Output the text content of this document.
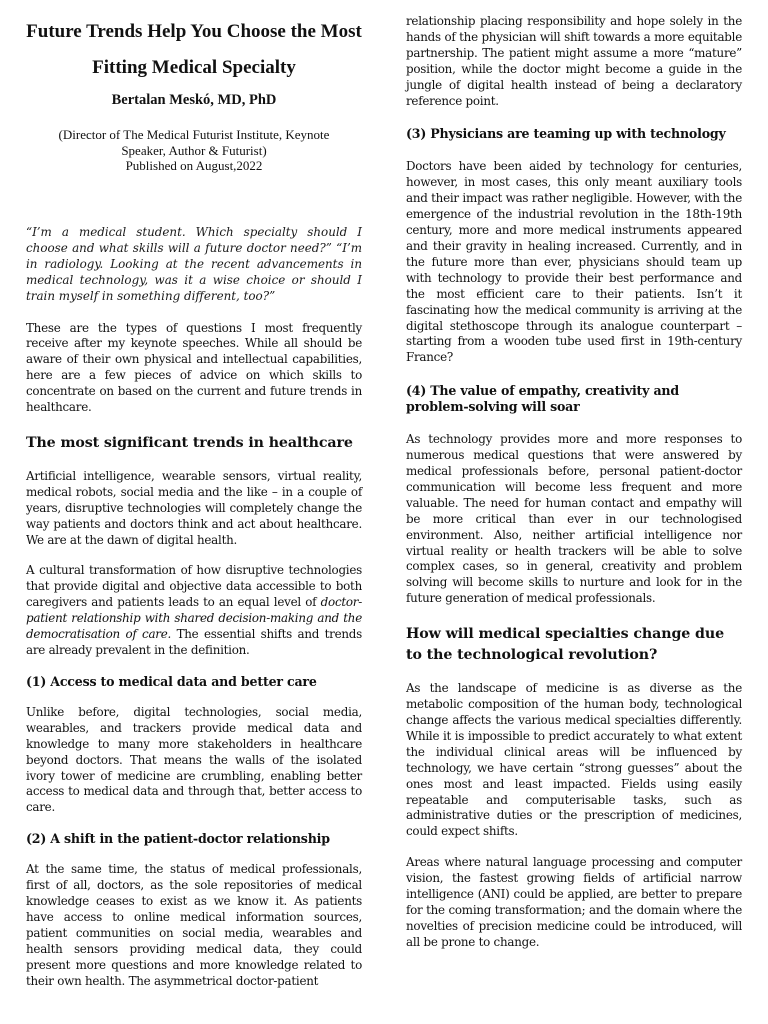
Future Trends Help You Choose the Most
Fitting Medical Specialty
Bertalan Meskó, MD, PhD
(Director of The Medical Futurist Institute, Keynote Speaker, Author & Futurist)
Published on August,2022
“I’m a medical student. Which specialty should I choose and what skills will a future doctor need?” “I’m in radiology. Looking at the recent advancements in medical technology, was it a wise choice or should I train myself in something different, too?”

These are the types of questions I most frequently receive after my keynote speeches. While all should be aware of their own physical and intellectual capabilities, here are a few pieces of advice on which skills to concentrate on based on the current and future trends in healthcare.

The most significant trends in healthcare

Artificial intelligence, wearable sensors, virtual reality, medical robots, social media and the like – in a couple of years, disruptive technologies will completely change the way patients and doctors think and act about healthcare. We are at the dawn of digital health.

A cultural transformation of how disruptive technologies that provide digital and objective data accessible to both caregivers and patients leads to an equal level of doctor-patient relationship with shared decision-making and the democratisation of care. The essential shifts and trends are already prevalent in the definition.

(1) Access to medical data and better care

Unlike before, digital technologies, social media, wearables, and trackers provide medical data and knowledge to many more stakeholders in healthcare beyond doctors. That means the walls of the isolated ivory tower of medicine are crumbling, enabling better access to medical data and through that, better access to care.

(2) A shift in the patient-doctor relationship

At the same time, the status of medical professionals, first of all, doctors, as the sole repositories of medical knowledge ceases to exist as we know it. As patients have access to online medical information sources, patient communities on social media, wearables and health sensors providing medical data, they could present more questions and more knowledge related to their own health. The asymmetrical doctor-patient

relationship placing responsibility and hope solely in the hands of the physician will shift towards a more equitable partnership. The patient might assume a more “mature” position, while the doctor might become a guide in the jungle of digital health instead of being a declaratory reference point.

(3) Physicians are teaming up with technology

Doctors have been aided by technology for centuries, however, in most cases, this only meant auxiliary tools and their impact was rather negligible. However, with the emergence of the industrial revolution in the 18th-19th century, more and more medical instruments appeared and their gravity in healing increased. Currently, and in the future more than ever, physicians should team up with technology to provide their best performance and the most efficient care to their patients. Isn’t it fascinating how the medical community is arriving at the digital stethoscope through its analogue counterpart – starting from a wooden tube used first in 19th-century France?

(4) The value of empathy, creativity and problem-solving will soar

As technology provides more and more responses to numerous medical questions that were answered by medical professionals before, personal patient-doctor communication will become less frequent and more valuable. The need for human contact and empathy will be more critical than ever in our technologised environment. Also, neither artificial intelligence nor virtual reality or health trackers will be able to solve complex cases, so in general, creativity and problem solving will become skills to nurture and look for in the future generation of medical professionals.

How will medical specialties change due to the technological revolution?

As the landscape of medicine is as diverse as the metabolic composition of the human body, technological change affects the various medical specialties differently. While it is impossible to predict accurately to what extent the individual clinical areas will be influenced by technology, we have certain “strong guesses” about the ones most and least impacted. Fields using easily repeatable and computerisable tasks, such as administrative duties or the prescription of medicines, could expect shifts.

Areas where natural language processing and computer vision, the fastest growing fields of artificial narrow intelligence (ANI) could be applied, are better to prepare for the coming transformation; and the domain where the novelties of precision medicine could be introduced, will all be prone to change.
